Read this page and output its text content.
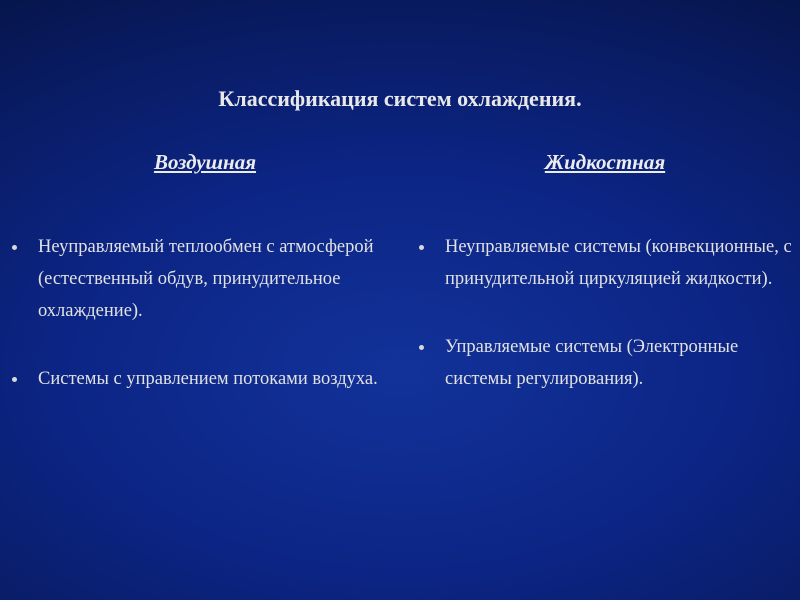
Классификация систем охлаждения.
Воздушная	Жидкостная
Неуправляемый теплообмен с атмосферой (естественный обдув, принудительное охлаждение).
Системы с управлением потоками воздуха.
Неуправляемые системы (конвекционные, с принудительной циркуляцией жидкости).
Управляемые системы (Электронные системы регулирования).
